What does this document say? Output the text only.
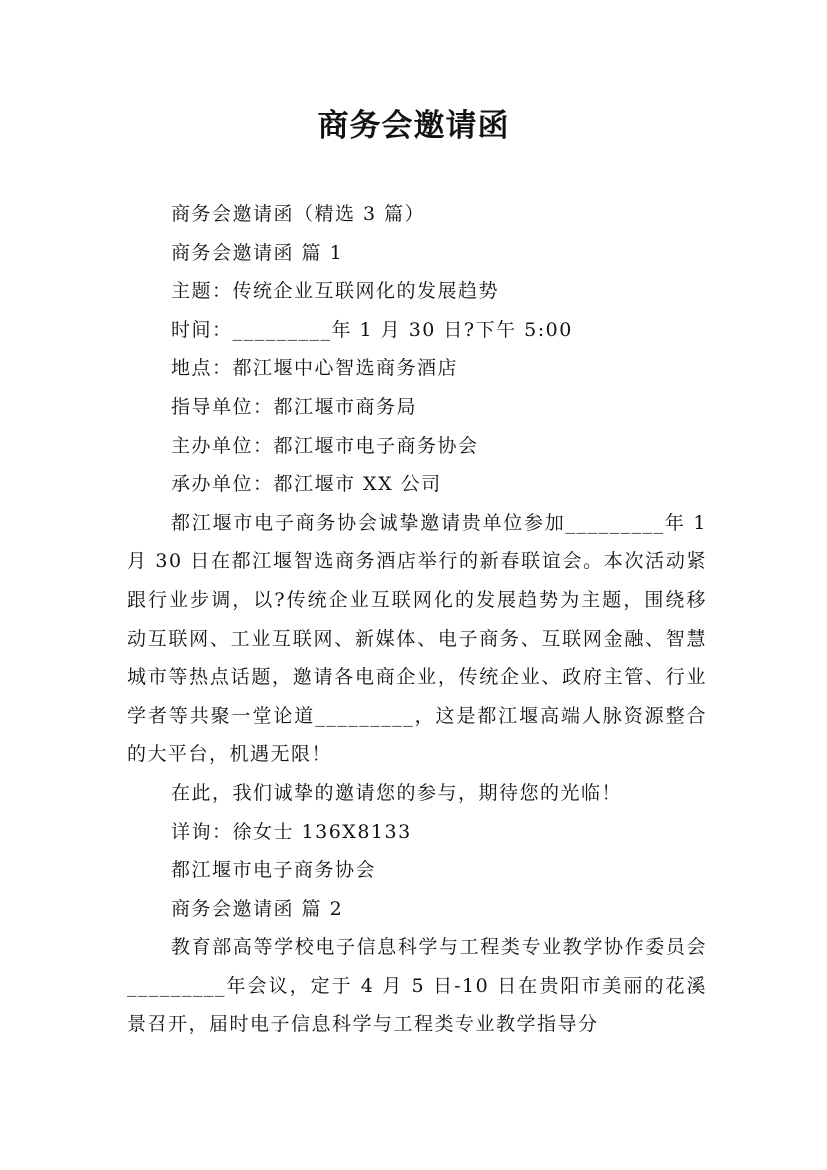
商务会邀请函

商务会邀请函（精选 3 篇）

商务会邀请函 篇 1

主题：传统企业互联网化的发展趋势

时间：_________年 1 月 30 日?下午 5:00

地点：都江堰中心智选商务酒店

指导单位：都江堰市商务局

主办单位：都江堰市电子商务协会

承办单位：都江堰市 XX 公司

都江堰市电子商务协会诚挚邀请贵单位参加_________年 1 月 30 日在都江堰智选商务酒店举行的新春联谊会。本次活动紧跟行业步调，以?传统企业互联网化的发展趋势为主题，围绕移动互联网、工业互联网、新媒体、电子商务、互联网金融、智慧城市等热点话题，邀请各电商企业，传统企业、政府主管、行业学者等共聚一堂论道_________，这是都江堰高端人脉资源整合的大平台，机遇无限！

在此，我们诚挚的邀请您的参与，期待您的光临！

详询：徐女士 136X8133

都江堰市电子商务协会

商务会邀请函 篇 2

教育部高等学校电子信息科学与工程类专业教学协作委员会_________年会议，定于 4 月 5 日-10 日在贵阳市美丽的花溪景召开，届时电子信息科学与工程类专业教学指导分
